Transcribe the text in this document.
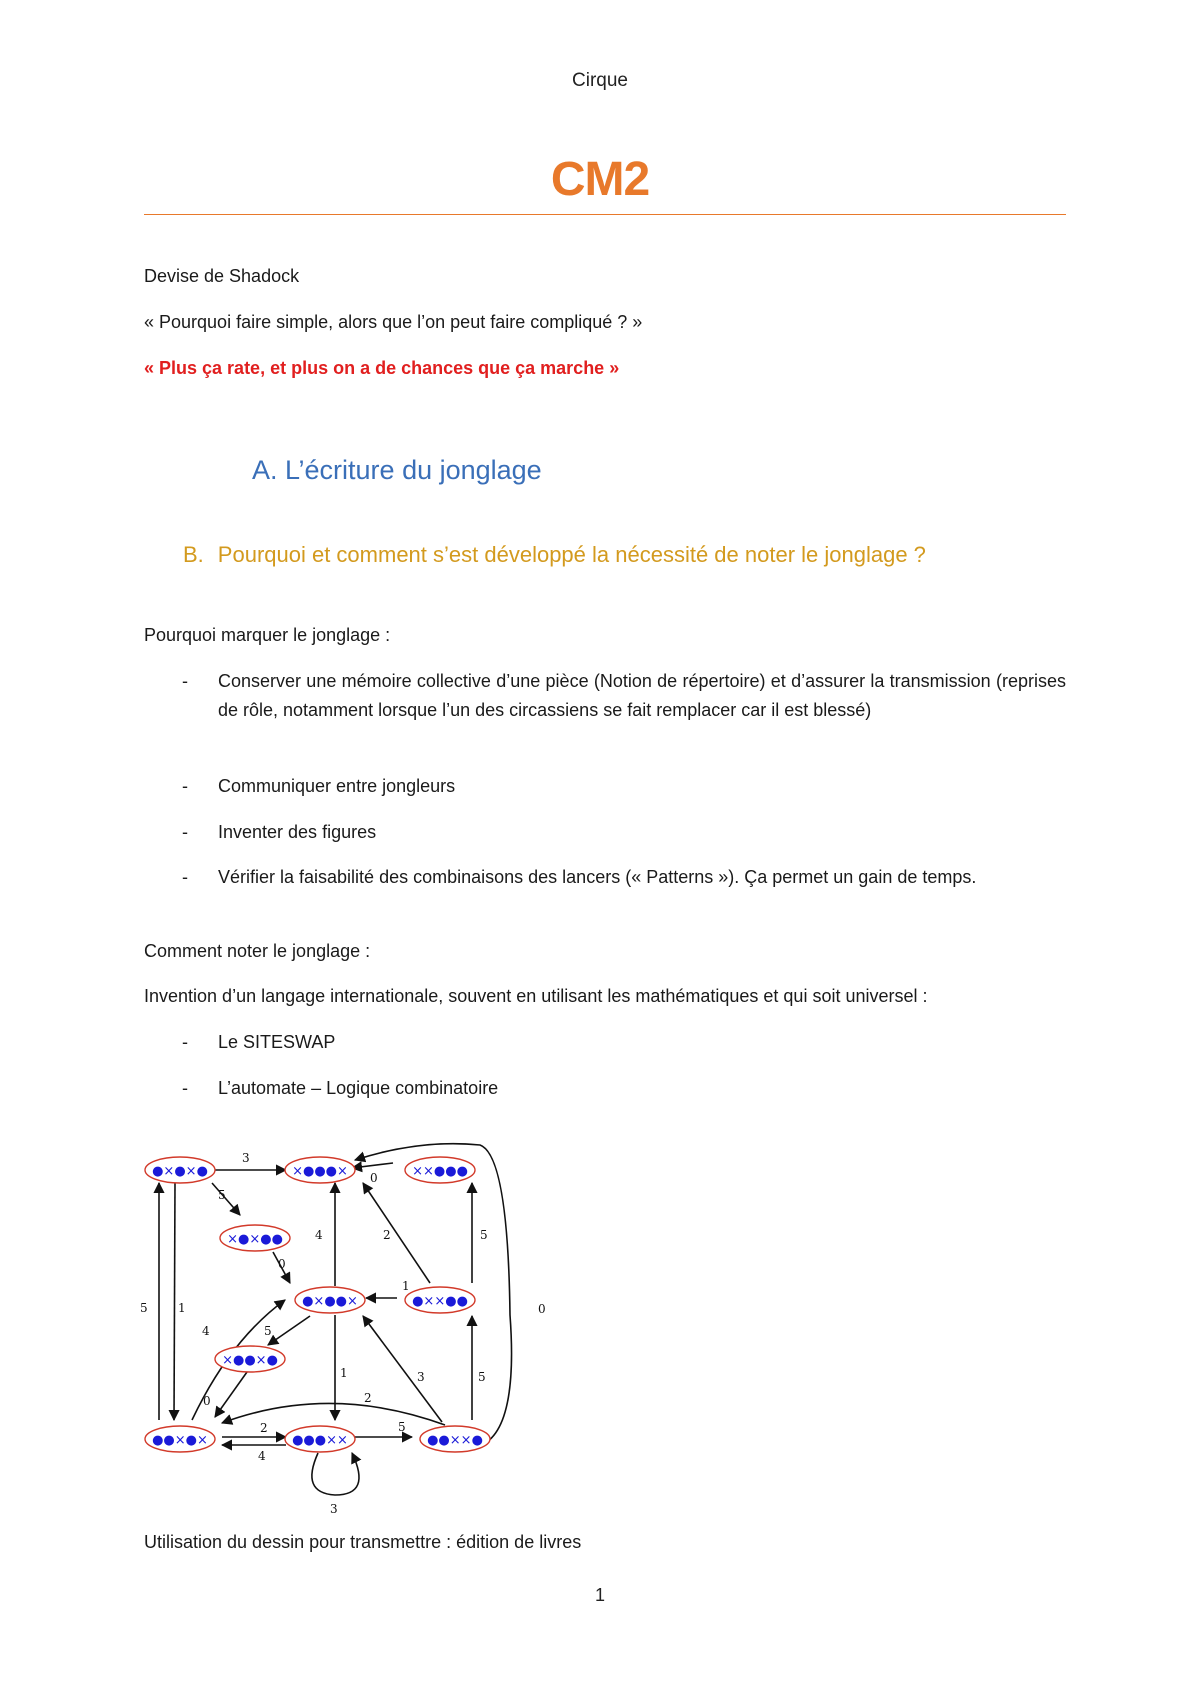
Cirque
CM2
Devise de Shadock
« Pourquoi faire simple, alors que l’on peut faire compliqué ? »
« Plus ça rate, et plus on a de chances que ça marche »
A. L’écriture du jonglage
B. Pourquoi et comment s’est développé la nécessité de noter le jonglage ?
Pourquoi marquer le jonglage :
- Conserver une mémoire collective d’une pièce (Notion de répertoire) et d’assurer la transmission (reprises de rôle, notamment lorsque l’un des circassiens se fait remplacer car il est blessé)
- Communiquer entre jongleurs
- Inventer des figures
- Vérifier la faisabilité des combinaisons des lancers (« Patterns »). Ça permet un gain de temps.
Comment noter le jonglage :
Invention d’un langage internationale, souvent en utilisant les mathématiques et qui soit universel :
- Le SITESWAP
- L’automate – Logique combinatoire
3
0
5
0
4	2	5
1
5	1
4	5
0
1	3	5
2
2
4
5
3
0
●×●×●	×●●●×	××●●●
×●×●●
●×●●×	●××●●
×●●×●
●●×●×	●●●××	●●××●
Utilisation du dessin pour transmettre : édition de livres
1
